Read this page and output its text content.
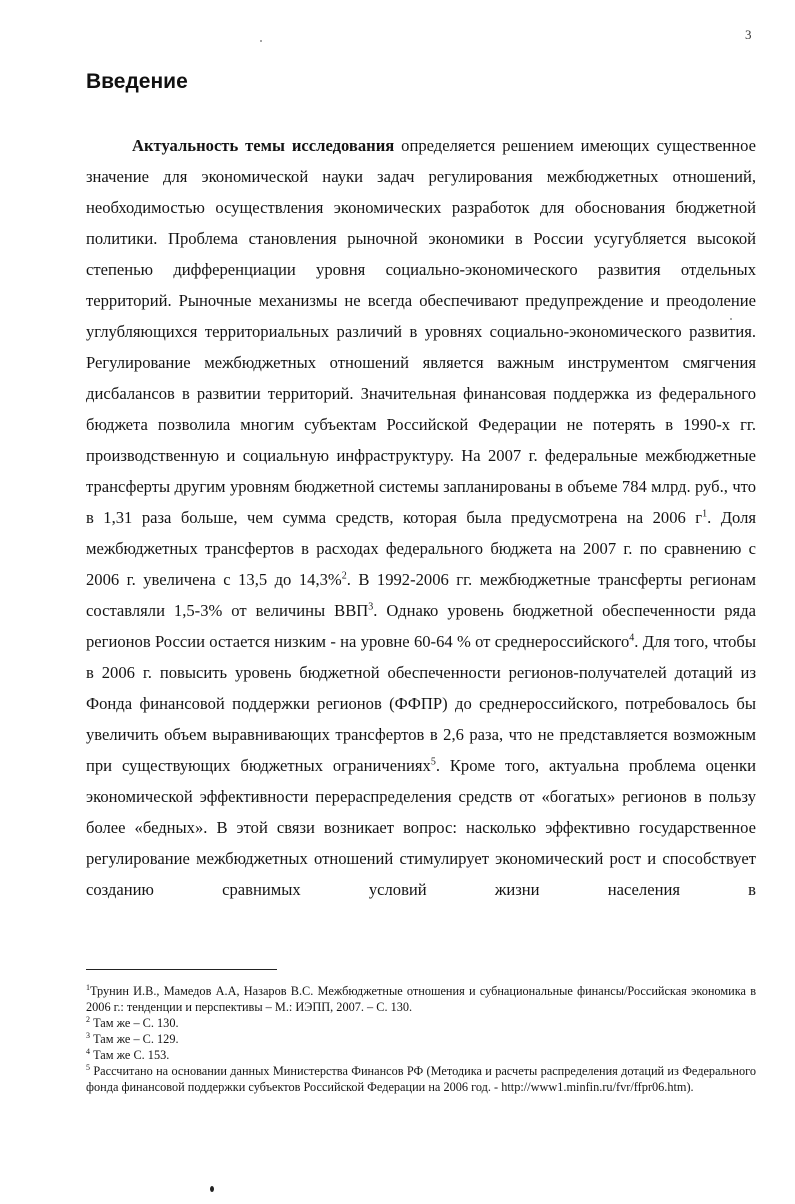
3
Введение

Актуальность темы исследования определяется решением имеющих существенное значение для экономической науки задач регулирования межбюджетных отношений, необходимостью осуществления экономических разработок для обоснования бюджетной политики. Проблема становления рыночной экономики в России усугубляется высокой степенью дифференциации уровня социально-экономического развития отдельных территорий. Рыночные механизмы не всегда обеспечивают предупреждение и преодоление углубляющихся территориальных различий в уровнях социально-экономического развития. Регулирование межбюджетных отношений является важным инструментом смягчения дисбалансов в развитии территорий. Значительная финансовая поддержка из федерального бюджета позволила многим субъектам Российской Федерации не потерять в 1990-х гг. производственную и социальную инфраструктуру. На 2007 г. федеральные межбюджетные трансферты другим уровням бюджетной системы запланированы в объеме 784 млрд. руб., что в 1,31 раза больше, чем сумма средств, которая была предусмотрена на 2006 $г^1$. Доля межбюджетных трансфертов в расходах федерального бюджета на 2007 г. по сравнению с 2006 г. увеличена с 13,5 до 14,3%$^2$. В 1992-2006 гг. межбюджетные трансферты регионам составляли 1,5-3% от величины ВВП$^3$. Однако уровень бюджетной обеспеченности ряда регионов России остается низким - на уровне 60-64 % от среднероссийского$^4$. Для того, чтобы в 2006 г. повысить уровень бюджетной обеспеченности регионов-получателей дотаций из Фонда финансовой поддержки регионов (ФФПР) до среднероссийского, потребовалось бы увеличить объем выравнивающих трансфертов в 2,6 раза, что не представляется возможным при существующих бюджетных ограничениях$^5$. Кроме того, актуальна проблема оценки экономической эффективности перераспределения средств от «богатых» регионов в пользу более «бедных». В этой связи возникает вопрос: насколько эффективно государственное регулирование межбюджетных отношений стимулирует экономический рост и способствует созданию сравнимых условий жизни населения в

$^1$Трунин И.В., Мамедов А.А, Назаров В.С. Межбюджетные отношения и субнациональные финансы/Российская экономика в 2006 г.: тенденции и перспективы – М.: ИЭПП, 2007. – С. 130.

$^2$ Там же – С. 130.

$^3$ Там же – С. 129.

$^4$ Там же С. 153.

$^5$ Рассчитано на основании данных Министерства Финансов РФ (Методика и расчеты распределения дотаций из Федерального фонда финансовой поддержки субъектов Российской Федерации на 2006 год. - http://www1.minfin.ru/fvr/ffpr06.htm).
